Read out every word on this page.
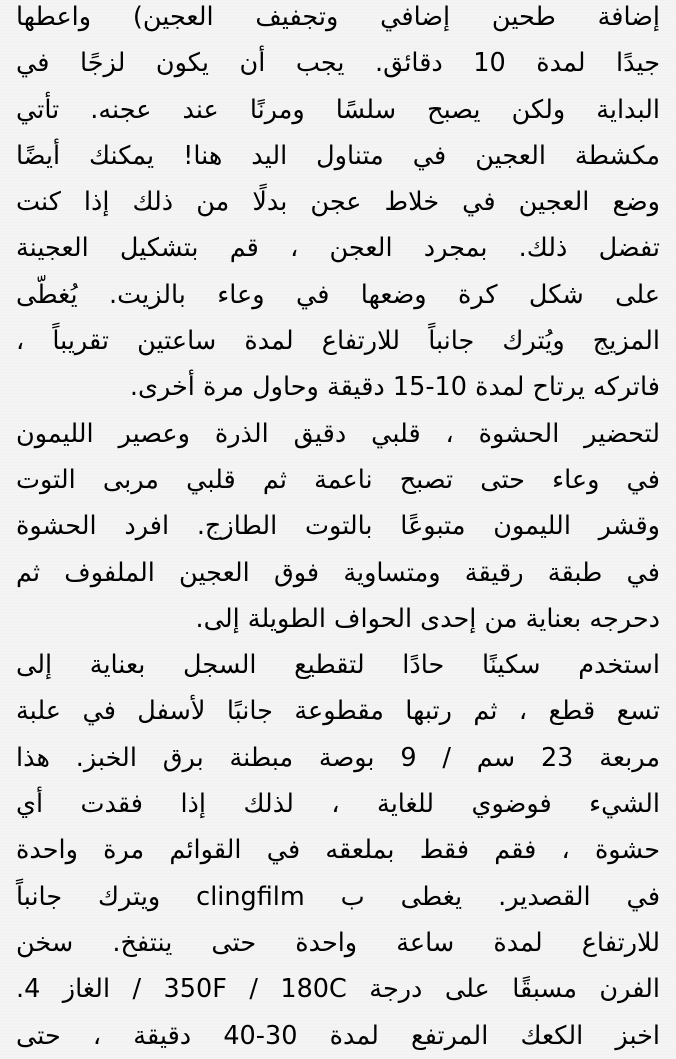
إضافة طحين إضافي وتجفيف العجين) واعطها
جيدًا لمدة 10 دقائق. يجب أن يكون لزجًا في
البداية ولكن يصبح سلسًا ومرنًا عند عجنه. تأتي
مكشطة العجين في متناول اليد هنا! يمكنك أيضًا
وضع العجين في خلاط عجن بدلًا من ذلك إذا كنت
تفضل ذلك. بمجرد العجن ، قم بتشكيل العجينة
على شكل كرة وضعها في وعاء بالزيت. يُغطّى
المزيج ويُترك جانباً للارتفاع لمدة ساعتين تقريباً ،
فاتركه يرتاح لمدة 10-15 دقيقة وحاول مرة أخرى.
لتحضير الحشوة ، قلبي دقيق الذرة وعصير الليمون
في وعاء حتى تصبح ناعمة ثم قلبي مربى التوت
وقشر الليمون متبوعًا بالتوت الطازج. افرد الحشوة
في طبقة رقيقة ومتساوية فوق العجين الملفوف ثم
دحرجه بعناية من إحدى الحواف الطويلة إلى.
استخدم سكينًا حادًا لتقطيع السجل بعناية إلى
تسع قطع ، ثم رتبها مقطوعة جانبًا لأسفل في علبة
مربعة 23 سم / 9 بوصة مبطنة برق الخبز. هذا
الشيء فوضوي للغاية ، لذلك إذا فقدت أي
حشوة ، فقم فقط بملعقه في القوائم مرة واحدة
في القصدير. يغطى ب clingfilm ويترك جانباً
للارتفاع لمدة ساعة واحدة حتى ينتفخ. سخن
الفرن مسبقًا على درجة 350F / 180C / الغاز 4.
اخبز الكعك المرتفع لمدة 30-40 دقيقة ، حتى
